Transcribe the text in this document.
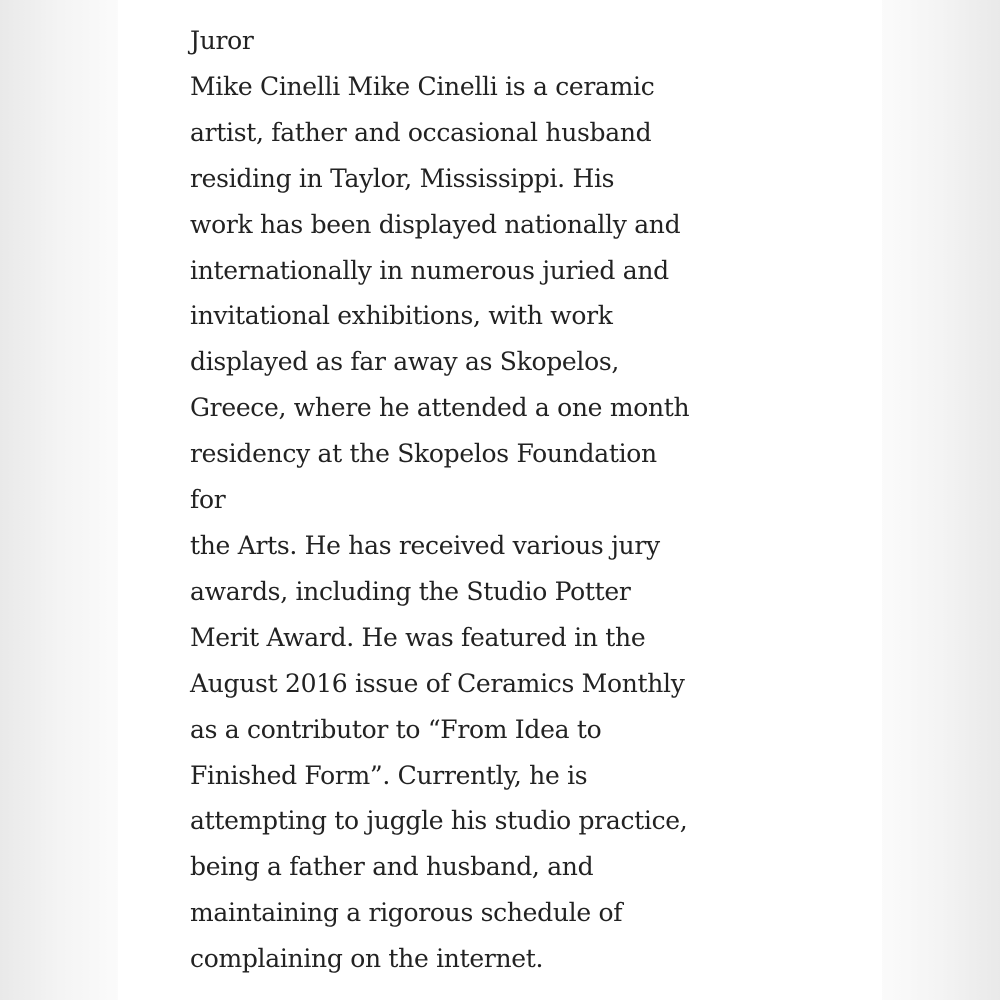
Juror
Mike Cinelli Mike Cinelli is a ceramic
artist, father and occasional husband
residing in Taylor, Mississippi. His
work has been displayed nationally and
internationally in numerous juried and
invitational exhibitions, with work
displayed as far away as Skopelos,
Greece, where he attended a one month
residency at the Skopelos Foundation
for
the Arts. He has received various jury
awards, including the Studio Potter
Merit Award. He was featured in the
August 2016 issue of Ceramics Monthly
as a contributor to “From Idea to
Finished Form”. Currently, he is
attempting to juggle his studio practice,
being a father and husband, and
maintaining a rigorous schedule of
complaining on the internet.
